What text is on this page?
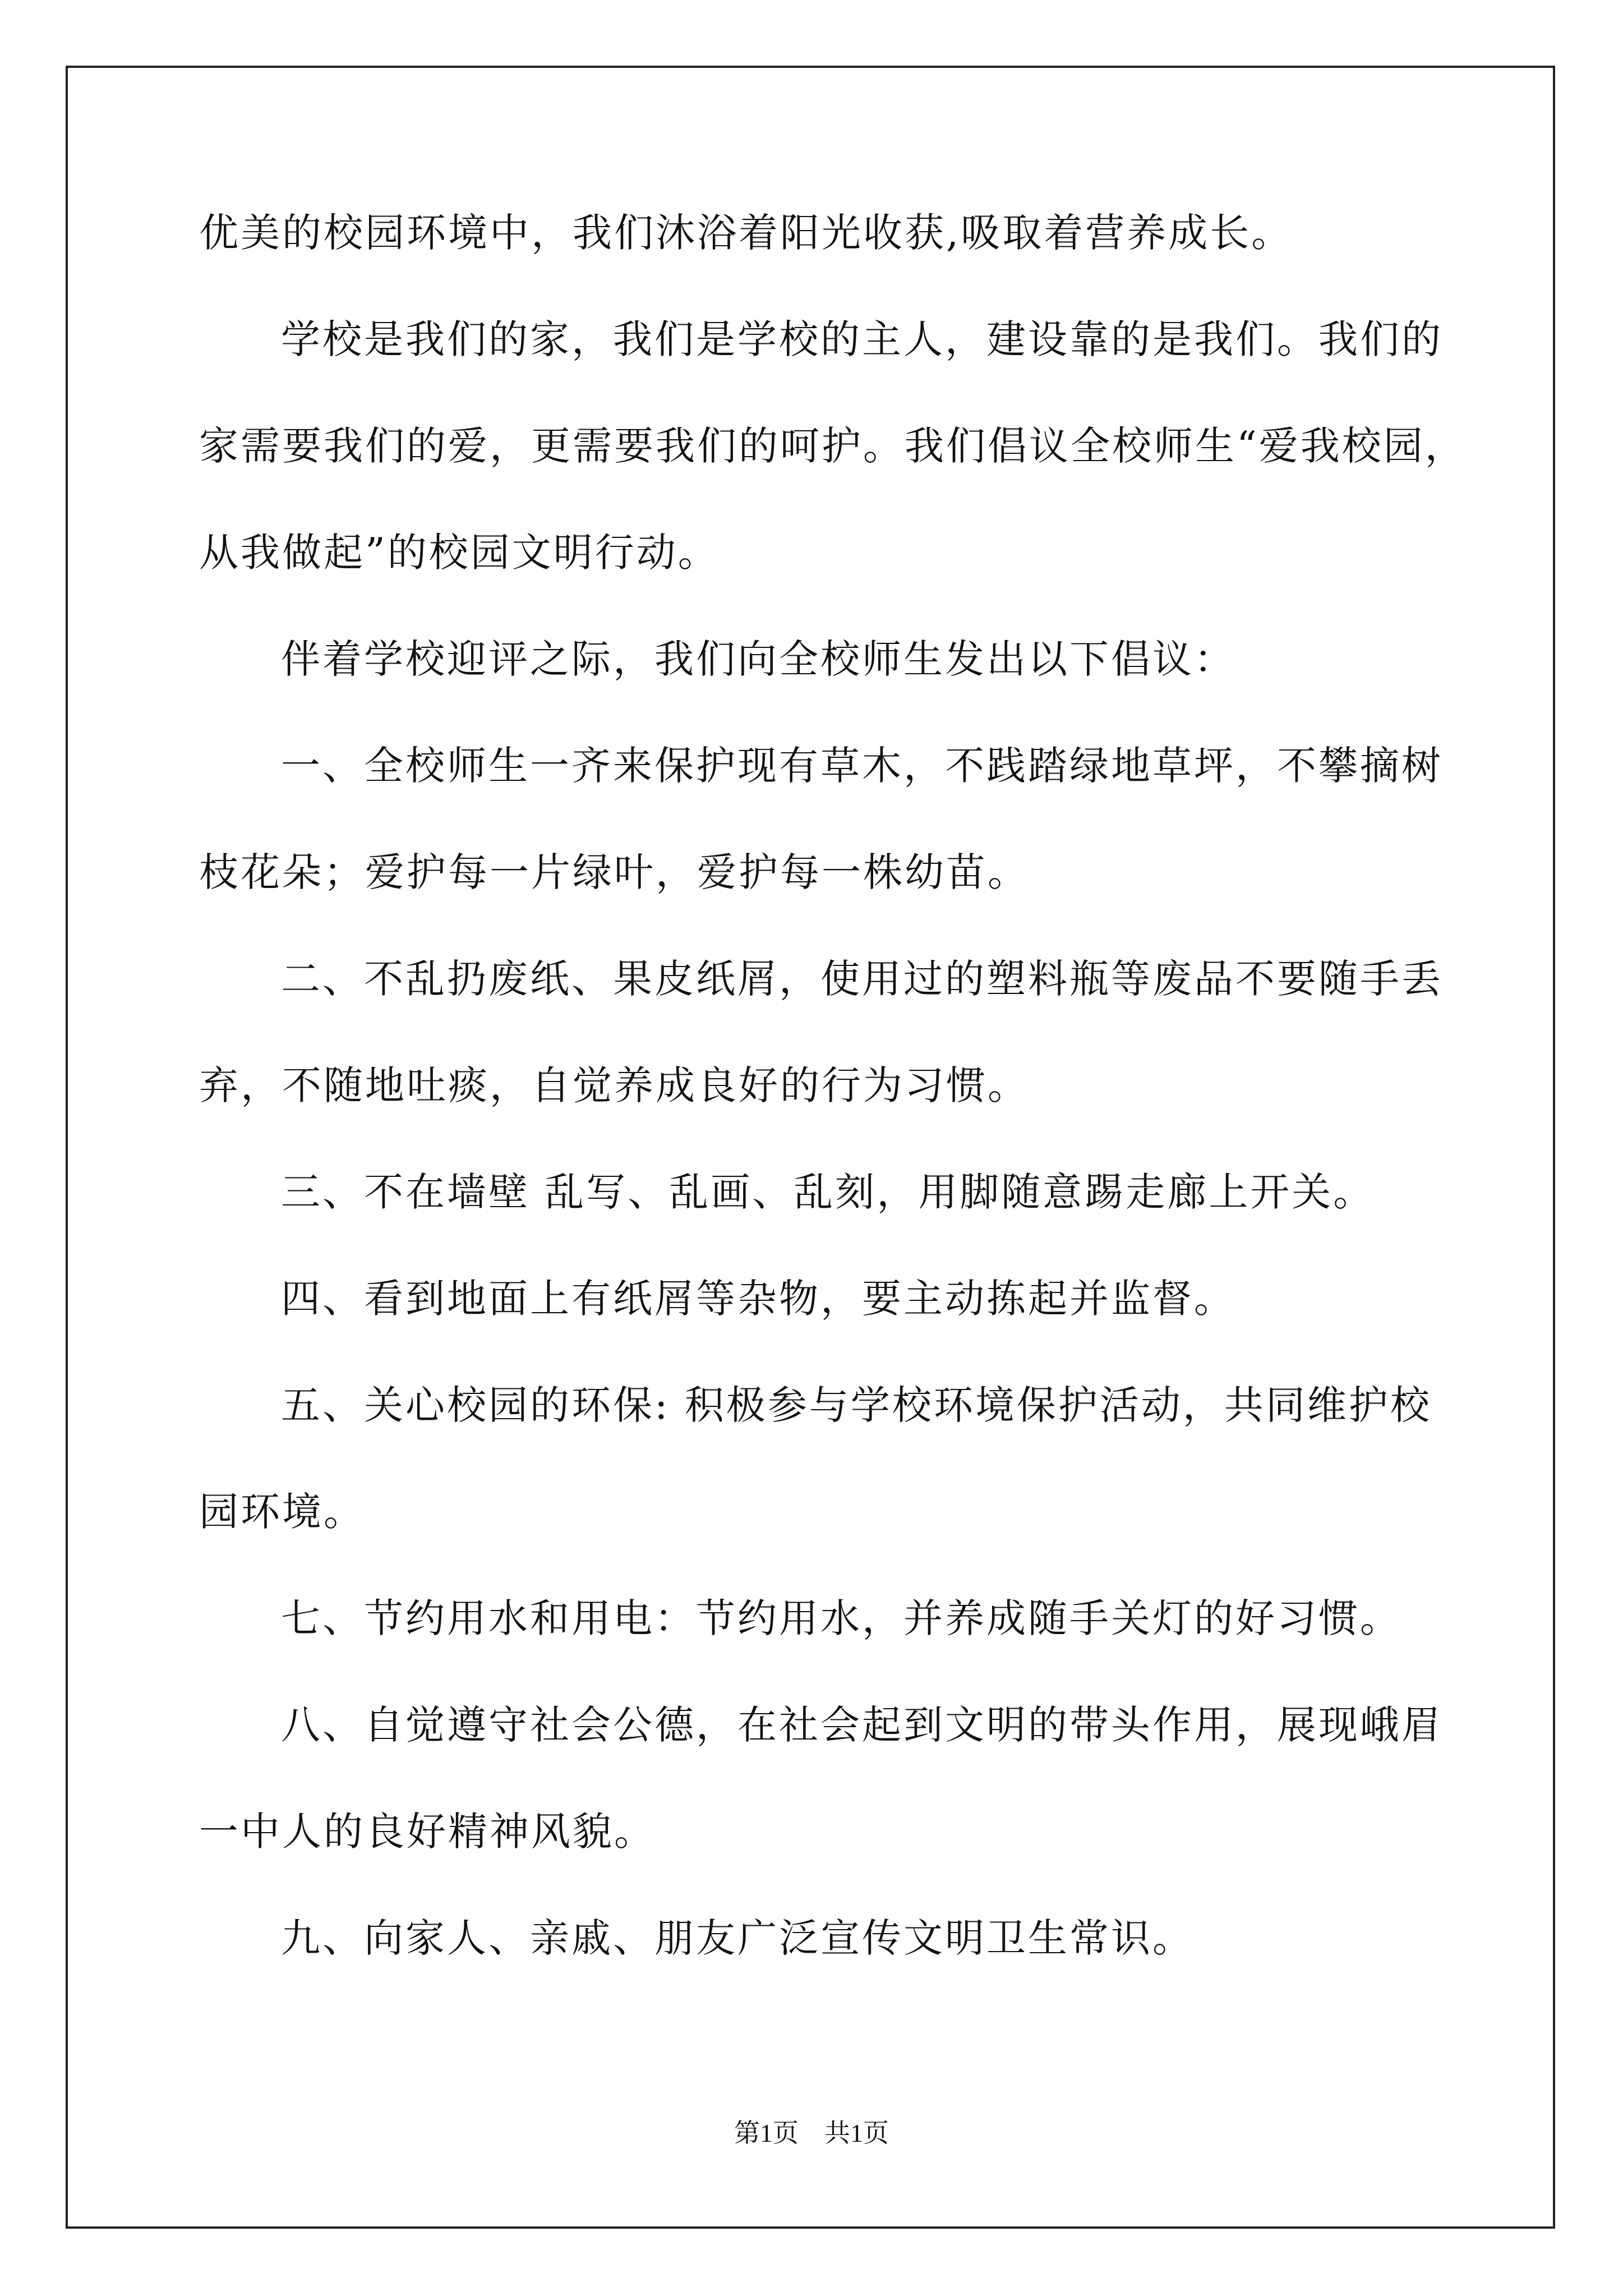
优美的校园环境中，我们沐浴着阳光收获,吸取着营养成长。
学校是我们的家，我们是学校的主人，建设靠的是我们。我们的
家需要我们的爱，更需要我们的呵护。我们倡议全校师生“爱我校园，
从我做起”的校园文明行动。
伴着学校迎评之际，我们向全校师生发出以下倡议：
一、全校师生一齐来保护现有草木，不践踏绿地草坪，不攀摘树
枝花朵；爱护每一片绿叶，爱护每一株幼苗。
二、不乱扔废纸、果皮纸屑，使用过的塑料瓶等废品不要随手丢
弃，不随地吐痰，自觉养成良好的行为习惯。
三、不在墙壁 乱写、乱画、乱刻，用脚随意踢走廊上开关。
四、看到地面上有纸屑等杂物，要主动拣起并监督。
五、关心校园的环保: 积极参与学校环境保护活动，共同维护校
园环境。
七、节约用水和用电：节约用水，并养成随手关灯的好习惯。
八、自觉遵守社会公德，在社会起到文明的带头作用，展现峨眉
一中人的良好精神风貌。
九、向家人、亲戚、朋友广泛宣传文明卫生常识。
第1页    共1页
